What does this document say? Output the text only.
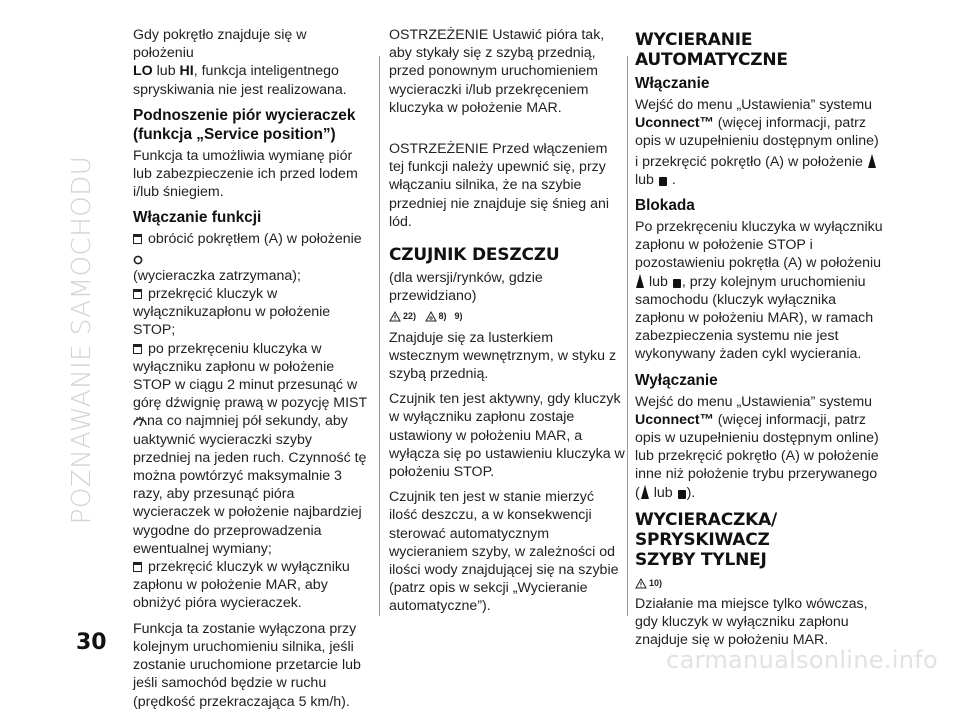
POZNAWANIE SAMOCHODU

Gdy pokrętło znajduje się w położeniu
LO lub HI, funkcja inteligentnego spryskiwania nie jest realizowana.

Podnoszenie piór wycieraczek (funkcja „Service position”)

Funkcja ta umożliwia wymianę piór lub zabezpieczenie ich przed lodem i/lub śniegiem.

Włączanie funkcji

obrócić pokrętłem (A) w położenie
(wycieraczka zatrzymana);

przekręcić kluczyk w wyłącznikuzapłonu w położenie STOP;

po przekręceniu kluczyka w wyłączniku zapłonu w położenie STOP w ciągu 2 minut przesunąć w górę dźwignię prawą w pozycję MIST na co najmniej pół sekundy, aby uaktywnić wycieraczki szyby przedniej na jeden ruch. Czynność tę można powtórzyć maksymalnie 3 razy, aby przesunąć pióra wycieraczek w położenie najbardziej wygodne do przeprowadzenia ewentualnej wymiany;

przekręcić kluczyk w wyłączniku zapłonu w położenie MAR, aby obniżyć pióra wycieraczek.

Funkcja ta zostanie wyłączona przy kolejnym uruchomieniu silnika, jeśli zostanie uruchomione przetarcie lub jeśli samochód będzie w ruchu (prędkość przekraczająca 5 km/h).

OSTRZEŻENIE Ustawić pióra tak, aby stykały się z szybą przednią, przed ponownym uruchomieniem wycieraczki i/lub przekręceniem kluczyka w położenie MAR.

OSTRZEŻENIE Przed włączeniem tej funkcji należy upewnić się, przy włączaniu silnika, że na szybie przedniej nie znajduje się śnieg ani lód.

CZUJNIK DESZCZU

(dla wersji/rynków, gdzie przewidziano)

22)	8) 9)

Znajduje się za lusterkiem wstecznym wewnętrznym, w styku z szybą przednią.

Czujnik ten jest aktywny, gdy kluczyk w wyłączniku zapłonu zostaje ustawiony w położeniu MAR, a wyłącza się po ustawieniu kluczyka w położeniu STOP.

Czujnik ten jest w stanie mierzyć ilość deszczu, a w konsekwencji sterować automatycznym wycieraniem szyby, w zależności od ilości wody znajdującej się na szybie (patrz opis w sekcji „Wycieranie automatyczne”).

WYCIERANIE
AUTOMATYCZNE
Włączanie

Wejść do menu „Ustawienia” systemu Uconnect™ (więcej informacji, patrz opis w uzupełnieniu dostępnym online)

i przekręcić pokrętło (A) w położenie
lub .

Blokada

Po przekręceniu kluczyka w wyłączniku zapłonu w położenie STOP i pozostawieniu pokrętła (A) w położeniu
lub , przy kolejnym uruchomieniu samochodu (kluczyk wyłącznika zapłonu w położeniu MAR), w ramach zabezpieczenia systemu nie jest wykonywany żaden cykl wycierania.

Wyłączanie

Wejść do menu „Ustawienia” systemu Uconnect™ (więcej informacji, patrz opis w uzupełnieniu dostępnym online) lub przekręcić pokrętło (A) w położenie inne niż położenie trybu przerywanego ( lub ).

WYCIERACZKA/
SPRYSKIWACZ
SZYBY TYLNEJ
10)

Działanie ma miejsce tylko wówczas, gdy kluczyk w wyłączniku zapłonu znajduje się w położeniu MAR.

30
carmanualsonline.info
